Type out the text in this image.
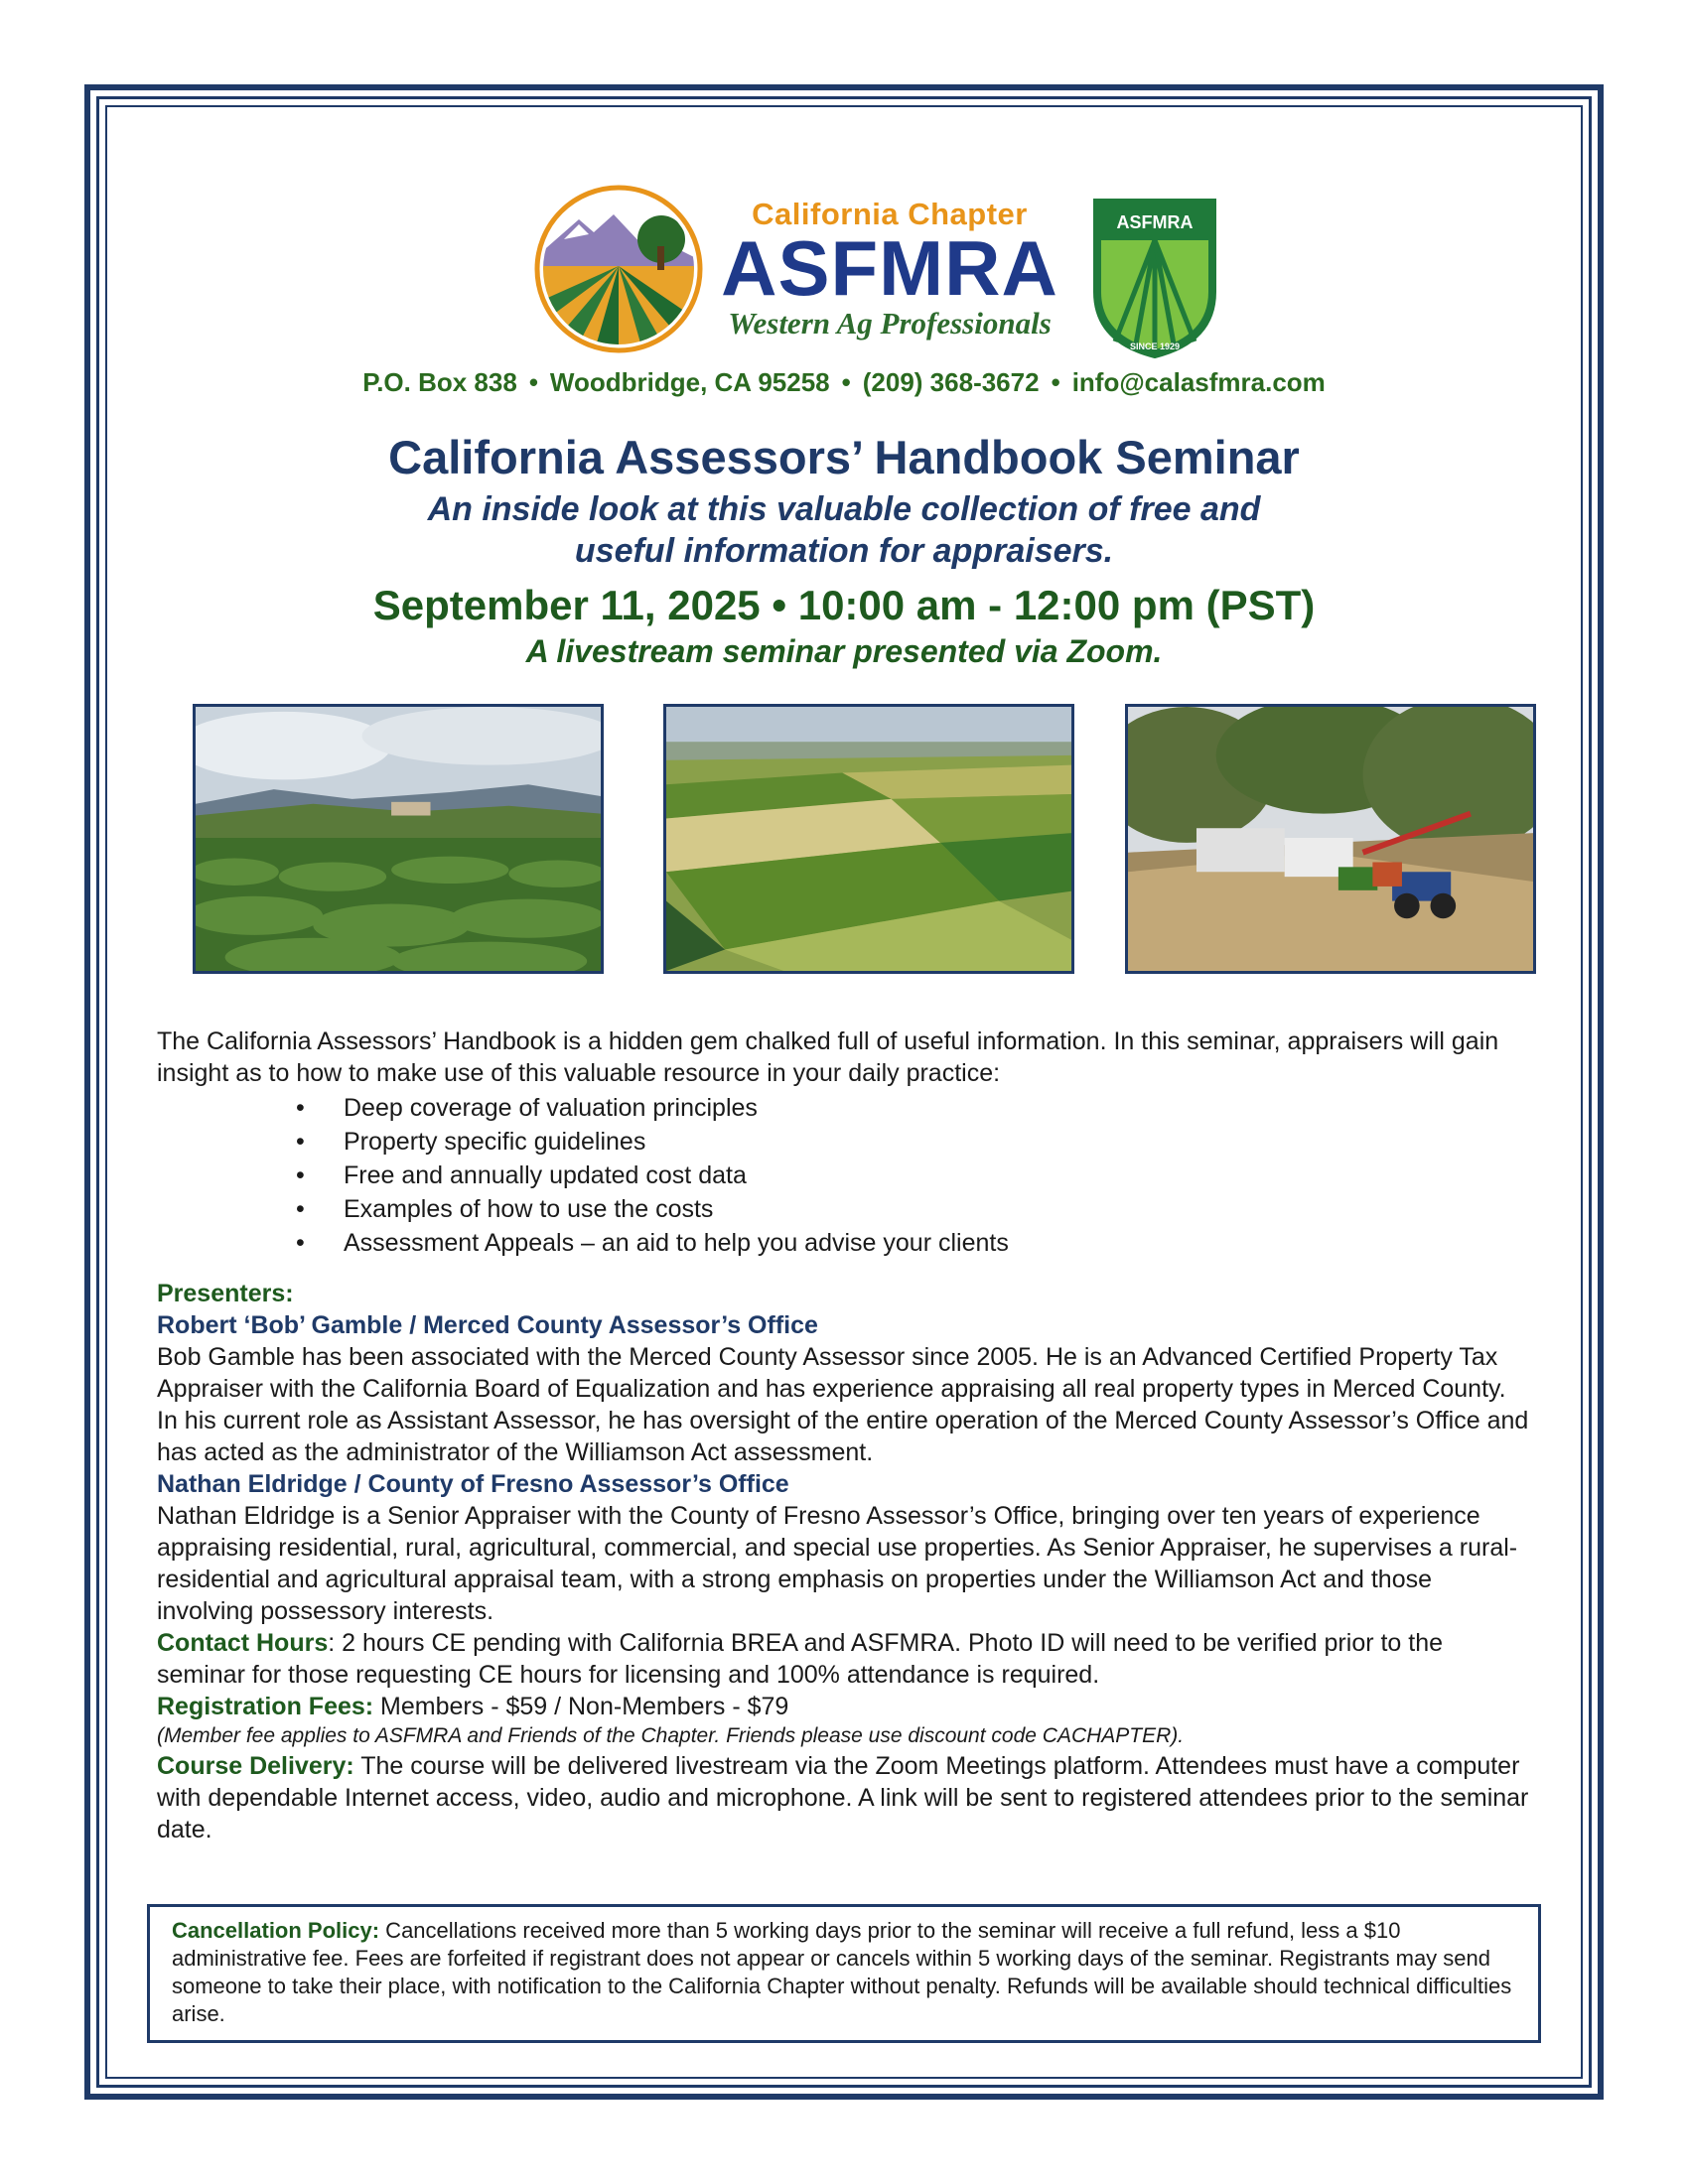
California Chapter
ASFMRA
Western Ag Professionals
ASFMRA
SINCE 1929
P.O. Box 838 • Woodbridge, CA 95258 • (209) 368-3672 • info@calasfmra.com
California Assessors’ Handbook Seminar
An inside look at this valuable collection of free and
useful information for appraisers.
September 11, 2025 • 10:00 am - 12:00 pm (PST)
A livestream seminar presented via Zoom.

The California Assessors’ Handbook is a hidden gem chalked full of useful information. In this seminar, appraisers will gain insight as to how to make use of this valuable resource in your daily practice:

• Deep coverage of valuation principles
• Property specific guidelines
• Free and annually updated cost data
• Examples of how to use the costs
• Assessment Appeals – an aid to help you advise your clients
Presenters:
Robert ‘Bob’ Gamble / Merced County Assessor’s Office

Bob Gamble has been associated with the Merced County Assessor since 2005. He is an Advanced Certified Property Tax Appraiser with the California Board of Equalization and has experience appraising all real property types in Merced County. In his current role as Assistant Assessor, he has oversight of the entire operation of the Merced County Assessor’s Office and has acted as the administrator of the Williamson Act assessment.

Nathan Eldridge / County of Fresno Assessor’s Office

Nathan Eldridge is a Senior Appraiser with the County of Fresno Assessor’s Office, bringing over ten years of experience appraising residential, rural, agricultural, commercial, and special use properties. As Senior Appraiser, he supervises a rural-residential and agricultural appraisal team, with a strong emphasis on properties under the Williamson Act and those involving possessory interests.

Contact Hours: 2 hours CE pending with California BREA and ASFMRA. Photo ID will need to be verified prior to the seminar for those requesting CE hours for licensing and 100% attendance is required.

Registration Fees: Members - $59 / Non-Members - $79

(Member fee applies to ASFMRA and Friends of the Chapter. Friends please use discount code CACHAPTER).

Course Delivery: The course will be delivered livestream via the Zoom Meetings platform. Attendees must have a computer with dependable Internet access, video, audio and microphone. A link will be sent to registered attendees prior to the seminar date.

Cancellation Policy: Cancellations received more than 5 working days prior to the seminar will receive a full refund, less a $10 administrative fee. Fees are forfeited if registrant does not appear or cancels within 5 working days of the seminar. Registrants may send someone to take their place, with notification to the California Chapter without penalty. Refunds will be available should technical difficulties arise.
